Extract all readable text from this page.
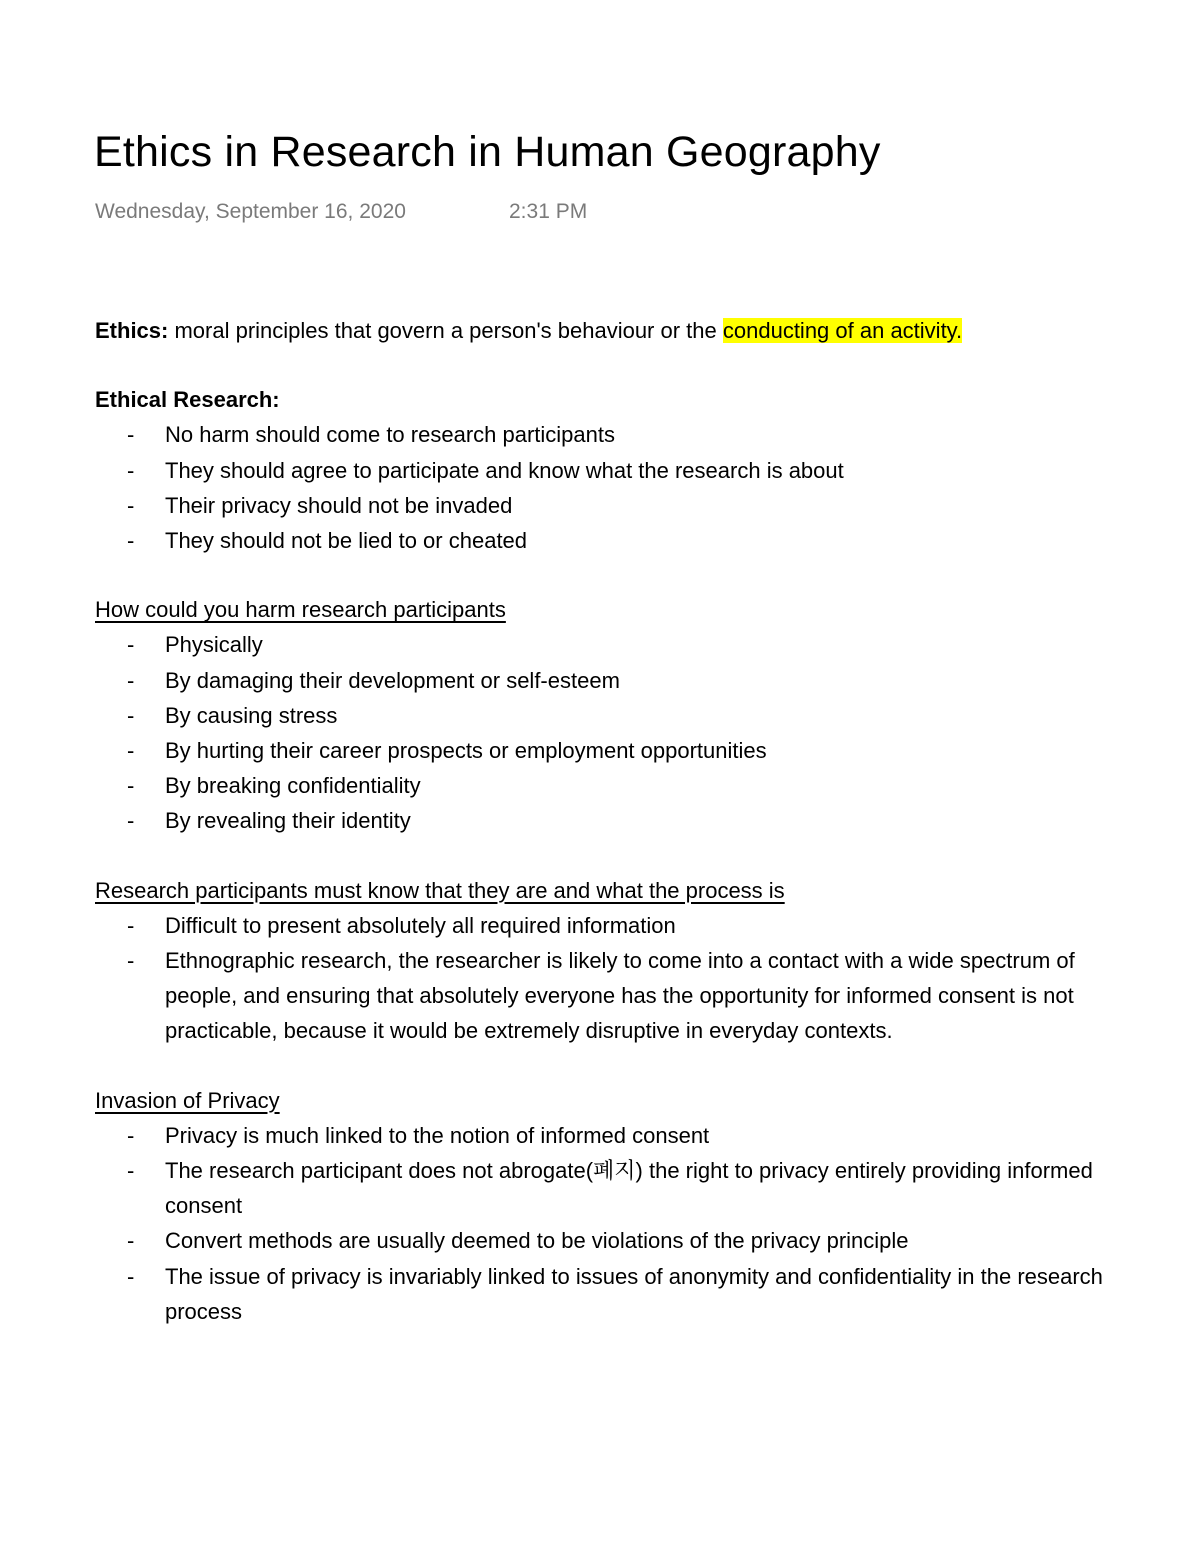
Ethics in Research in Human Geography
Wednesday, September 16, 2020	2:31 PM

Ethics: moral principles that govern a person's behaviour or the conducting of an activity.

Ethical Research:

- No harm should come to research participants
- They should agree to participate and know what the research is about
- Their privacy should not be invaded
- They should not be lied to or cheated

How could you harm research participants

- Physically
- By damaging their development or self-esteem
- By causing stress
- By hurting their career prospects or employment opportunities
- By breaking confidentiality
- By revealing their identity

Research participants must know that they are and what the process is

- Difficult to present absolutely all required information
- Ethnographic research, the researcher is likely to come into a contact with a wide spectrum of people, and ensuring that absolutely everyone has the opportunity for informed consent is not practicable, because it would be extremely disruptive in everyday contexts.

Invasion of Privacy

- Privacy is much linked to the notion of informed consent
- The research participant does not abrogate(폐지) the right to privacy entirely providing informed consent
- Convert methods are usually deemed to be violations of the privacy principle
- The issue of privacy is invariably linked to issues of anonymity and confidentiality in the research process
